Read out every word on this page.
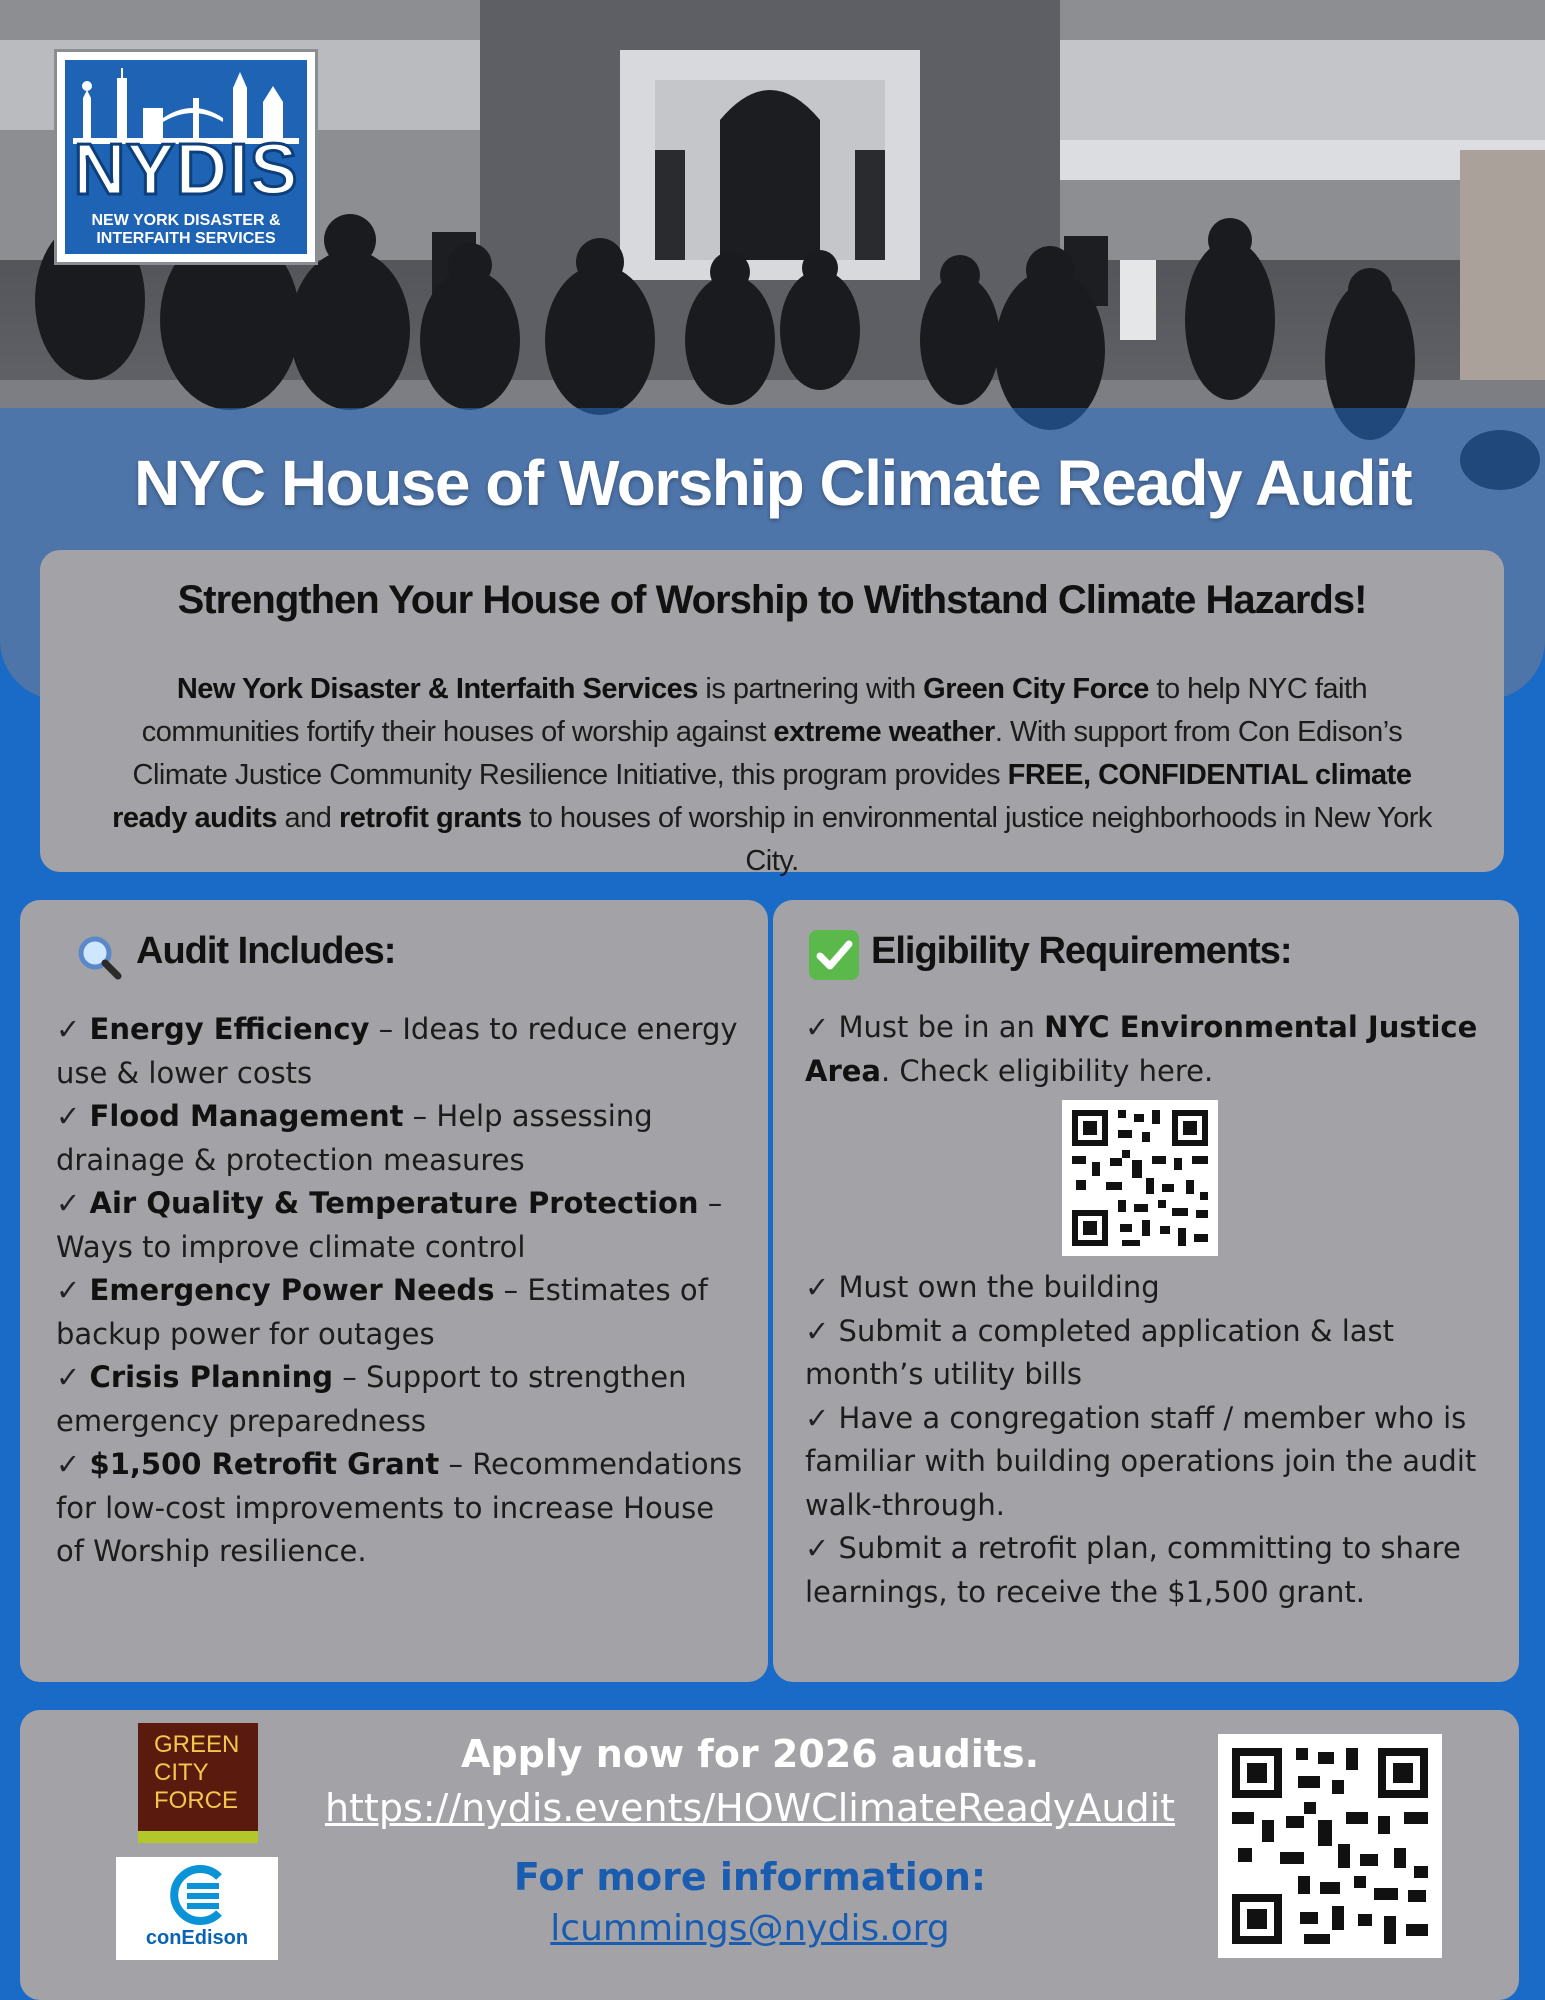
NYDIS
NEW YORK DISASTER &
INTERFAITH SERVICES
NYC House of Worship Climate Ready Audit
Strengthen Your House of Worship to Withstand Climate Hazards!
New York Disaster & Interfaith Services is partnering with Green City Force to help NYC faith communities fortify their houses of worship against extreme weather. With support from Con Edison’s Climate Justice Community Resilience Initiative, this program provides FREE, CONFIDENTIAL climate ready audits and retrofit grants to houses of worship in environmental justice neighborhoods in New York City.
Audit Includes:

✓ Energy Efficiency – Ideas to reduce energy use & lower costs

✓ Flood Management – Help assessing drainage & protection measures

✓ Air Quality & Temperature Protection – Ways to improve climate control

✓ Emergency Power Needs – Estimates of backup power for outages

✓ Crisis Planning – Support to strengthen emergency preparedness

✓ $1,500 Retrofit Grant – Recommendations for low-cost improvements to increase House of Worship resilience.

Eligibility Requirements:

✓ Must be in an NYC Environmental Justice Area. Check eligibility here.

✓ Must own the building

✓ Submit a completed application & last month’s utility bills

✓ Have a congregation staff / member who is familiar with building operations join the audit walk-through.

✓ Submit a retrofit plan, committing to share learnings, to receive the $1,500 grant.

GREEN
CITY
FORCE
conEdison
Apply now for 2026 audits.
https://nydis.events/HOWClimateReadyAudit
For more information:
lcummings@nydis.org
